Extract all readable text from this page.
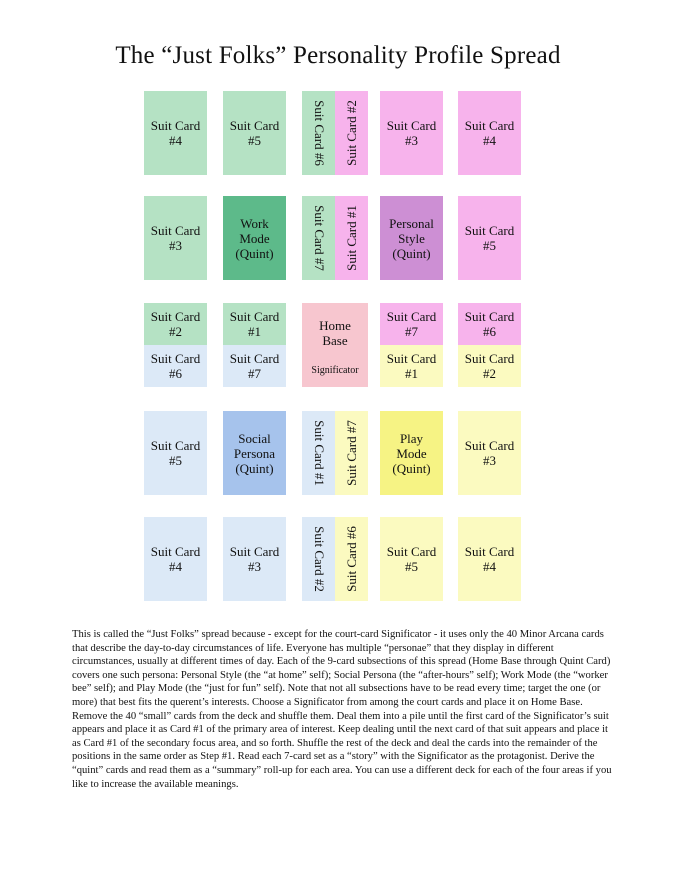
The “Just Folks” Personality Profile Spread
Suit Card
#4
Suit Card
#5	Suit Card #6 Suit Card #2 Suit Card
#3
Suit Card
#4
Suit Card
#3
Work
Mode
(Quint)	Suit Card #7 Suit Card #1 Personal
Style
(Quint)
Suit Card
#5
Suit Card
#2
Suit Card
#1	Home
Base
Suit Card
#7
Suit Card
#6
Suit Card
#6
Suit Card
#7	Significator
Suit Card
#1
Suit Card
#2
Suit Card
#5
Social
Persona
(Quint)	Suit Card #1 Suit Card #7	Play
Mode
(Quint)
Suit Card
#3
Suit Card
#4
Suit Card
#3	Suit Card #2 Suit Card #6 Suit Card
#5
Suit Card
#4
This is called the “Just Folks” spread because - except for the court-card Significator - it uses only the 40 Minor Arcana cards that describe the day-to-day circumstances of life. Everyone has multiple “personae” that they display in different circumstances, usually at different times of day. Each of the 9-card subsections of this spread (Home Base through Quint Card) covers one such persona: Personal Style (the “at home” self); Social Persona (the “after-hours” self); Work Mode (the “worker bee” self); and Play Mode (the “just for fun” self). Note that not all subsections have to be read every time; target the one (or more) that best fits the querent’s interests. Choose a Significator from among the court cards and place it on Home Base. Remove the 40 “small” cards from the deck and shuffle them. Deal them into a pile until the first card of the Significator’s suit appears and place it as Card #1 of the primary area of interest. Keep dealing until the next card of that suit appears and place it as Card #1 of the secondary focus area, and so forth. Shuffle the rest of the deck and deal the cards into the remainder of the positions in the same order as Step #1. Read each 7-card set as a “story” with the Significator as the protagonist. Derive the “quint” cards and read them as a “summary” roll-up for each area. You can use a different deck for each of the four areas if you like to increase the available meanings.
